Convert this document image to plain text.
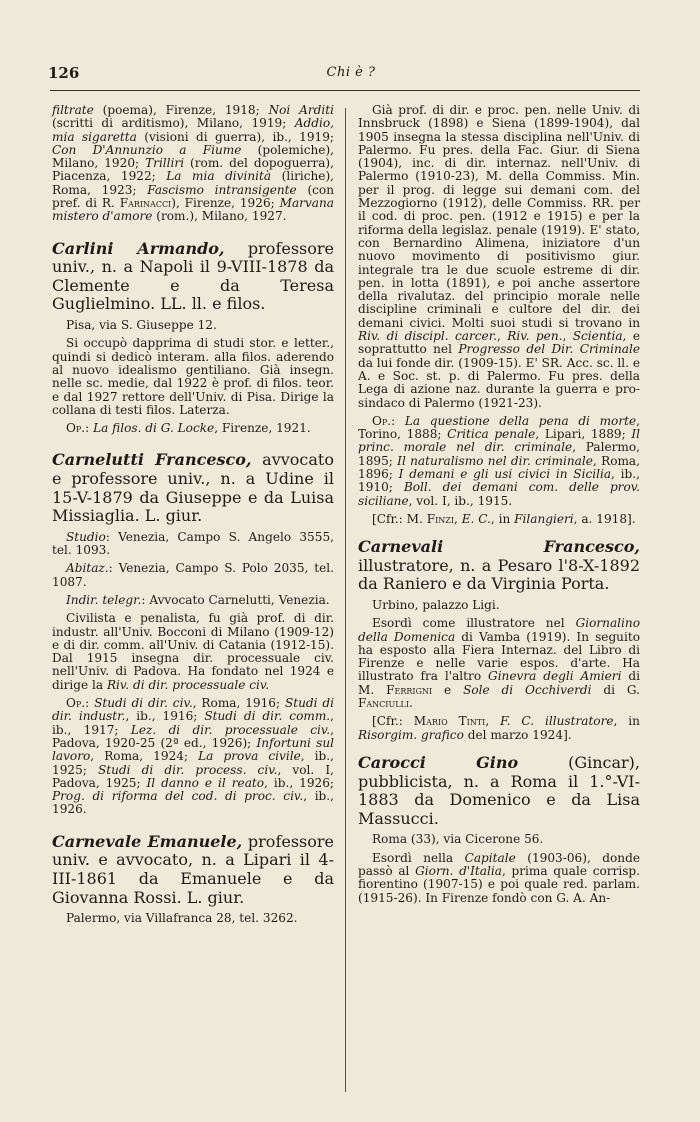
126	Chi è ?

filtrate (poema), Firenze, 1918; Noi Arditi (scritti di arditismo), Milano, 1919; Addio, mia sigaretta (visioni di guerra), ib., 1919; Con D'Annunzio a Fiume (polemiche), Milano, 1920; Trilliri (rom. del dopoguerra), Piacenza, 1922; La mia divinità (liriche), Roma, 1923; Fascismo intransigente (con pref. di R. Farinacci), Firenze, 1926; Marvana mistero d'amore (rom.), Milano, 1927.

Carlini Armando, professore univ., n. a Napoli il 9-VIII-1878 da Clemente e da Teresa Guglielmino. LL. ll. e filos.

Pisa, via S. Giuseppe 12.

Si occupò dapprima di studi stor. e letter., quindi si dedicò interam. alla filos. aderendo al nuovo idealismo gentiliano. Già insegn. nelle sc. medie, dal 1922 è prof. di filos. teor. e dal 1927 rettore dell'Univ. di Pisa. Dirige la collana di testi filos. Laterza.

Op.: La filos. di G. Locke, Firenze, 1921.

Carnelutti Francesco, avvocato e professore univ., n. a Udine il 15-V-1879 da Giuseppe e da Luisa Missiaglia. L. giur.

Studio: Venezia, Campo S. Angelo 3555, tel. 1093.

Abitaz.: Venezia, Campo S. Polo 2035, tel. 1087.

Indir. telegr.: Avvocato Carnelutti, Venezia.

Civilista e penalista, fu già prof. di dir. industr. all'Univ. Bocconi di Milano (1909-12) e di dir. comm. all'Univ. di Catania (1912-15). Dal 1915 insegna dir. processuale civ. nell'Univ. di Padova. Ha fondato nel 1924 e dirige la Riv. di dir. processuale civ.

Op.: Studi di dir. civ., Roma, 1916; Studi di dir. industr., ib., 1916; Studi di dir. comm., ib., 1917; Lez. di dir. processuale civ., Padova, 1920-25 (2ª ed., 1926); Infortuni sul lavoro, Roma, 1924; La prova civile, ib., 1925; Studi di dir. process. civ., vol. I, Padova, 1925; Il danno e il reato, ib., 1926; Prog. di riforma del cod. di proc. civ., ib., 1926.

Carnevale Emanuele, professore univ. e avvocato, n. a Lipari il 4-III-1861 da Emanuele e da Giovanna Rossi. L. giur.

Palermo, via Villafranca 28, tel. 3262.

Già prof. di dir. e proc. pen. nelle Univ. di Innsbruck (1898) e Siena (1899-1904), dal 1905 insegna la stessa disciplina nell'Univ. di Palermo. Fu pres. della Fac. Giur. di Siena (1904), inc. di dir. internaz. nell'Univ. di Palermo (1910-23), M. della Commiss. Min. per il prog. di legge sui demani com. del Mezzogiorno (1912), delle Commiss. RR. per il cod. di proc. pen. (1912 e 1915) e per la riforma della legislaz. penale (1919). E' stato, con Bernardino Alimena, iniziatore d'un nuovo movimento di positivismo giur. integrale tra le due scuole estreme di dir. pen. in lotta (1891), e poi anche assertore della rivalutaz. del principio morale nelle discipline criminali e cultore del dir. dei demani civici. Molti suoi studi si trovano in Riv. di discipl. carcer., Riv. pen., Scientia, e soprattutto nel Progresso del Dir. Criminale da lui fonde dir. (1909-15). E' SR. Acc. sc. ll. e A. e Soc. st. p. di Palermo. Fu pres. della Lega di azione naz. durante la guerra e pro-sindaco di Palermo (1921-23).

Op.: La questione della pena di morte, Torino, 1888; Critica penale, Lipari, 1889; Il princ. morale nel dir. criminale, Palermo, 1895; Il naturalismo nel dir. criminale, Roma, 1896; I demani e gli usi civici in Sicilia, ib., 1910; Boll. dei demani com. delle prov. siciliane, vol. I, ib., 1915.

[Cfr.: M. Finzi, E. C., in Filangieri, a. 1918].

Carnevali Francesco, illustratore, n. a Pesaro l'8-X-1892 da Raniero e da Virginia Porta.

Urbino, palazzo Ligi.

Esordì come illustratore nel Giornalino della Domenica di Vamba (1919). In seguito ha esposto alla Fiera Internaz. del Libro di Firenze e nelle varie espos. d'arte. Ha illustrato fra l'altro Ginevra degli Amieri di M. Ferrigni e Sole di Occhiverdi di G. Fanciulli.

[Cfr.: Mario Tinti, F. C. illustratore, in Risorgim. grafico del marzo 1924].

Carocci Gino (Gincar), pubblicista, n. a Roma il 1.°-VI-1883 da Domenico e da Lisa Massucci.

Roma (33), via Cicerone 56.

Esordì nella Capitale (1903-06), donde passò al Giorn. d'Italia, prima quale corrisp. fiorentino (1907-15) e poi quale red. parlam. (1915-26). In Firenze fondò con G. A. An-
